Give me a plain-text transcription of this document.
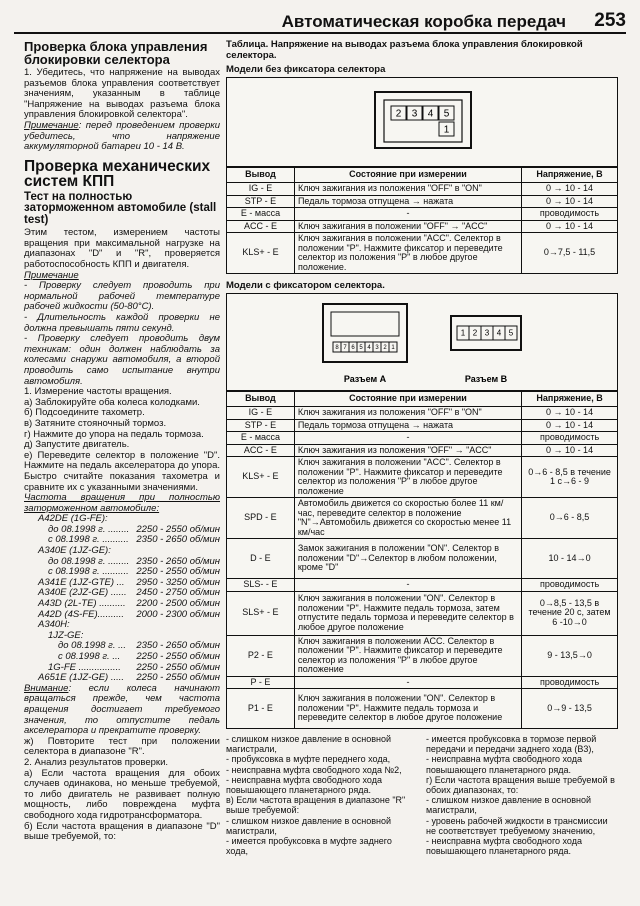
Автоматическая коробка передач 253
Проверка блока управления блокировки селектора

1. Убедитесь, что напряжение на выводах разъемов блока управления соответствует значениям, указанным в таблице "Напряжение на выводах разъема блока управления блокировкой селектора".

Примечание: перед проведением проверки убедитесь, что напряжение аккумуляторной батареи 10 - 14 В.

Проверка механических систем КПП
Тест на полностью заторможенном автомобиле (stall test)

Этим тестом, измерением частоты вращения при максимальной нагрузке на диапазонах "D" и "R", проверяется работоспособность КПП и двигателя.

Примечание

- Проверку следует проводить при нормальной рабочей температуре рабочей жидкости (50-80°C).

- Длительность каждой проверки не должна превышать пяти секунд.

- Проверку следует проводить двум техникам: один должен наблюдать за колесами снаружи автомобиля, а второй проводить само испытание внутри автомобиля.

1. Измерение частоты вращения.

а) Заблокируйте оба колеса колодками.

б) Подсоедините тахометр.

в) Затяните стояночный тормоз.

г) Нажмите до упора на педаль тормоза.

д) Запустите двигатель.

е) Переведите селектор в положение "D". Нажмите на педаль акселератора до упора. Быстро считайте показания тахометра и сравните их с указанными значениями.

Частота вращения при полностью заторможенном автомобиле:

A42DE (1G-FE):
до 08.1998 г. ........ 2250 - 2550 об/мин
с 08.1998 г. .......... 2350 - 2650 об/мин
A340E (1JZ-GE):
до 08.1998 г. ........ 2350 - 2650 об/мин
с 08.1998 г. .......... 2250 - 2550 об/мин
A341E (1JZ-GTE) ... 2950 - 3250 об/мин
A340E (2JZ-GE) ...... 2450 - 2750 об/мин
A43D (2L-TE) .......... 2200 - 2500 об/мин
A42D (4S-FE).......... 2000 - 2300 об/мин
A340H:
1JZ-GE:
до 08.1998 г. ... 2350 - 2650 об/мин
с 08.1998 г. ... 2250 - 2550 об/мин
1G-FE ................ 2250 - 2550 об/мин
A651E (1JZ-GE) ..... 2250 - 2550 об/мин

Внимание: если колеса начинают вращаться прежде, чем частота вращения достигает требуемого значения, то отпустите педаль акселератора и прекратите проверку.

ж) Повторите тест при положении селектора в диапазоне "R".

2. Анализ результатов проверки.

а) Если частота вращения для обоих случаев одинакова, но меньше требуемой, то либо двигатель не развивает полную мощность, либо повреждена муфта свободного хода гидротрансформатора.

б) Если частота вращения в диапазоне "D" выше требуемой, то:

Таблица. Напряжение на выводах разъема блока управления блокировкой селектора.

Модели без фиксатора селектора

2 3 4 5
1
Вывод	Состояние при измерении	Напряжение, В
IG - E	Ключ зажигания из положения "OFF" в "ON"	0 → 10 - 14
STP - E	Педаль тормоза отпущена → нажата	0 → 10 - 14
E - масса	-	проводимость
ACC - E	Ключ зажигания в положении "OFF" → "ACC"	0 → 10 - 14
KLS+ - E	Ключ зажигания в положении "ACC". Селектор в положении "Р". Нажмите фиксатор и переведите селектор из положения "Р" в любое другое положение.	0→7,5 - 11,5

Модели с фиксатором селектора.

8 7 6 5 4 3 2 1
Разъем А
1 2 3 4 5
Разъем В
Вывод	Состояние при измерении	Напряжение, В
IG - E	Ключ зажигания из положения "OFF" в "ON"	0 → 10 - 14
STP - E	Педаль тормоза отпущена → нажата	0 → 10 - 14
E - масса	-	проводимость
ACC - E	Ключ зажигания из положения "OFF" → "ACC"	0 → 10 - 14
KLS+ - E	Ключ зажигания в положении "ACC". Селектор в положении "Р". Нажмите фиксатор и переведите селектор из положения "Р" в любое другое положение	0→6 - 8,5 в течение 1 с→6 - 9
SPD - E	Автомобиль движется со скоростью более 11 км/час, переведите селектор в положение "N"→Автомобиль движется со скоростью менее 11 км/час	0→6 - 8,5
D - E	Замок зажигания в положении "ON". Селектор в положении "D"→Селектор в любом положении, кроме "D"	10 - 14→0
SLS- - E	-	проводимость
SLS+ - E	Ключ зажигания в положении "ON". Селектор в положении "Р". Нажмите педаль тормоза, затем отпустите педаль тормоза и переведите селектор в любое другое положение	0→8,5 - 13,5 в течение 20 с, затем 6 -10→0
P2 - E	Ключ зажигания в положении ACC. Селектор в положении "Р". Нажмите фиксатор и переведите селектор из положения "Р" в любое другое положение	9 - 13,5→0
P - E	-	проводимость
P1 - E	Ключ зажигания в положении "ON". Селектор в положении "Р". Нажмите педаль тормоза и переведите селектор в любое другое положение	0→9 - 13,5
- слишком низкое давление в основной магистрали,
- пробуксовка в муфте переднего хода,
- неисправна муфта свободного хода №2,
- неисправна муфта свободного хода повышающего планетарного ряда.
в) Если частота вращения в диапазоне "R" выше требуемой:
- слишком низкое давление в основной магистрали,
- имеется пробуксовка в муфте заднего хода,
- имеется пробуксовка в тормозе первой передачи и передачи заднего хода (B3),
- неисправна муфта свободного хода повышающего планетарного ряда.
г) Если частота вращения выше требуемой в обоих диапазонах, то:
- слишком низкое давление в основной магистрали,
- уровень рабочей жидкости в трансмиссии не соответствует требуемому значению,
- неисправна муфта свободного хода повышающего планетарного ряда.
